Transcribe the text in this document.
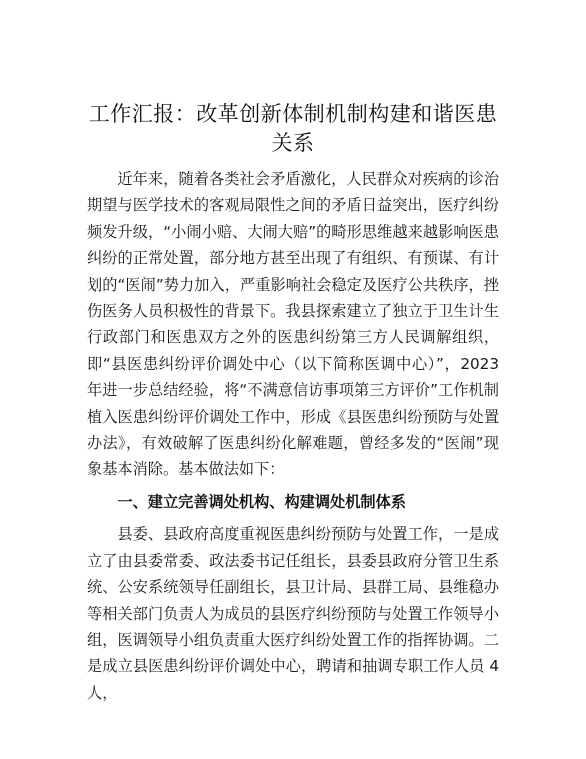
工作汇报：改革创新体制机制构建和谐医患关系

近年来，随着各类社会矛盾激化，人民群众对疾病的诊治期望与医学技术的客观局限性之间的矛盾日益突出，医疗纠纷频发升级，“小闹小赔、大闹大赔”的畸形思维越来越影响医患纠纷的正常处置，部分地方甚至出现了有组织、有预谋、有计划的“医闹”势力加入，严重影响社会稳定及医疗公共秩序，挫伤医务人员积极性的背景下。我县探索建立了独立于卫生计生行政部门和医患双方之外的医患纠纷第三方人民调解组织，即“县医患纠纷评价调处中心（以下简称医调中心）”，2023 年进一步总结经验，将“不满意信访事项第三方评价”工作机制植入医患纠纷评价调处工作中，形成《县医患纠纷预防与处置办法》，有效破解了医患纠纷化解难题，曾经多发的“医闹”现象基本消除。基本做法如下：

一、建立完善调处机构、构建调处机制体系

县委、县政府高度重视医患纠纷预防与处置工作，一是成立了由县委常委、政法委书记任组长，县委县政府分管卫生系统、公安系统领导任副组长，县卫计局、县群工局、县维稳办等相关部门负责人为成员的县医疗纠纷预防与处置工作领导小组，医调领导小组负责重大医疗纠纷处置工作的指挥协调。二是成立县医患纠纷评价调处中心，聘请和抽调专职工作人员 4 人，
